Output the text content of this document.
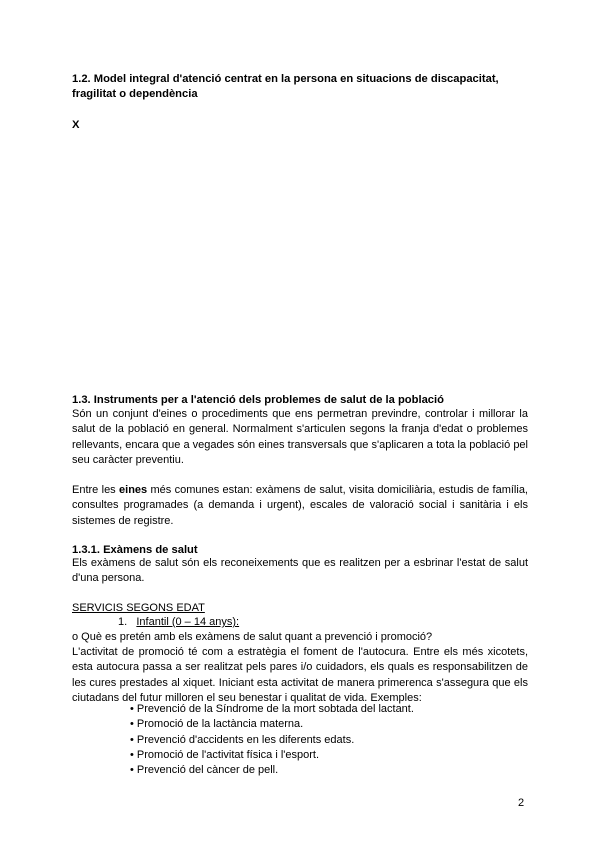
1.2. Model integral d'atenció centrat en la persona en situacions de discapacitat, fragilitat o dependència
X
1.3. Instruments per a l'atenció dels problemes de salut de la població
Són un conjunt d'eines o procediments que ens permetran previndre, controlar i millorar la salut de la població en general. Normalment s'articulen segons la franja d'edat o problemes rellevants, encara que a vegades són eines transversals que s'aplicaren a tota la població pel seu caràcter preventiu.
Entre les eines més comunes estan: exàmens de salut, visita domiciliària, estudis de família, consultes programades (a demanda i urgent), escales de valoració social i sanitària i els sistemes de registre.
1.3.1. Exàmens de salut
Els exàmens de salut són els reconeixements que es realitzen per a esbrinar l'estat de salut d'una persona.
SERVICIS SEGONS EDAT
1. Infantil (0 – 14 anys):
o Què es pretén amb els exàmens de salut quant a prevenció i promoció?
L'activitat de promoció té com a estratègia el foment de l'autocura. Entre els més xicotets, esta autocura passa a ser realitzat pels pares i/o cuidadors, els quals es responsabilitzen de les cures prestades al xiquet. Iniciant esta activitat de manera primerenca s'assegura que els ciutadans del futur milloren el seu benestar i qualitat de vida. Exemples:
• Prevenció de la Síndrome de la mort sobtada del lactant.
• Promoció de la lactància materna.
• Prevenció d'accidents en les diferents edats.
• Promoció de l'activitat física i l'esport.
• Prevenció del càncer de pell.
2
